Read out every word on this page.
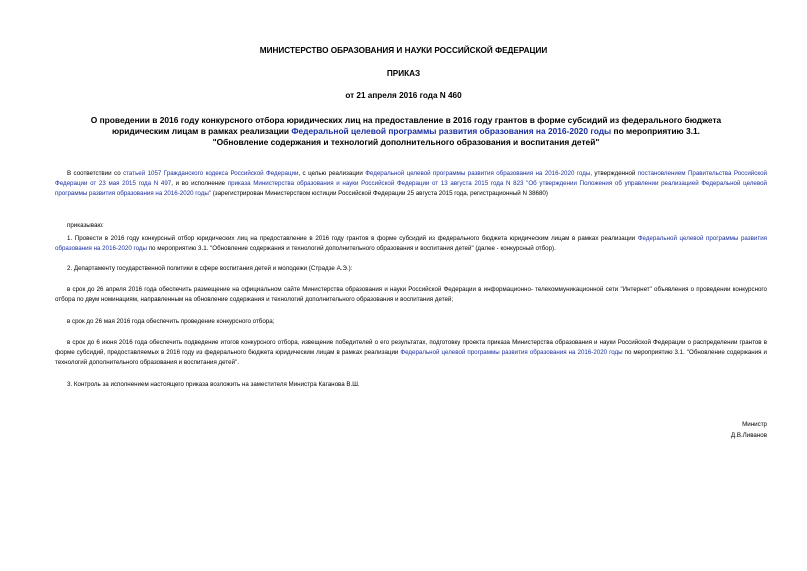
МИНИСТЕРСТВО ОБРАЗОВАНИЯ И НАУКИ РОССИЙСКОЙ ФЕДЕРАЦИИ
ПРИКАЗ
от 21 апреля 2016 года N 460
О проведении в 2016 году конкурсного отбора юридических лиц на предоставление в 2016 году грантов в форме субсидий из федерального бюджета юридическим лицам в рамках реализации Федеральной целевой программы развития образования на 2016-2020 годы по мероприятию 3.1. "Обновление содержания и технологий дополнительного образования и воспитания детей"
В соответствии со статьей 1057 Гражданского кодекса Российской Федерации, с целью реализации Федеральной целевой программы развития образования на 2016-2020 годы, утвержденной постановлением Правительства Российской Федерации от 23 мая 2015 года N 497, и во исполнение приказа Министерства образования и науки Российской Федерации от 13 августа 2015 года N 823 "Об утверждении Положения об управлении реализацией Федеральной целевой программы развития образования на 2016-2020 годы" (зарегистрирован Министерством юстиции Российской Федерации 25 августа 2015 года, регистрационный N 38680)
приказываю:
1. Провести в 2016 году конкурсный отбор юридических лиц на предоставление в 2016 году грантов в форме субсидий из федерального бюджета юридическим лицам в рамках реализации Федеральной целевой программы развития образования на 2016-2020 годы по мероприятию 3.1. "Обновление содержания и технологий дополнительного образования и воспитания детей" (далее - конкурсный отбор).
2. Департаменту государственной политики в сфере воспитания детей и молодежи (Страдзе А.Э.):
в срок до 26 апреля 2016 года обеспечить размещение на официальном сайте Министерства образования и науки Российской Федерации в информационно- телекоммуникационной сети "Интернет" объявления о проведении конкурсного отбора по двум номинациям, направленным на обновление содержания и технологий дополнительного образования и воспитания детей;
в срок до 26 мая 2016 года обеспечить проведение конкурсного отбора;
в срок до 6 июня 2016 года обеспечить подведение итогов конкурсного отбора, извещение победителей о его результатах, подготовку проекта приказа Министерства образования и науки Российской Федерации о распределении грантов в форме субсидий, предоставляемых в 2016 году из федерального бюджета юридическим лицам в рамках реализации Федеральной целевой программы развития образования на 2016-2020 годы по мероприятию 3.1. "Обновление содержания и технологий дополнительного образования и воспитания детей".
3. Контроль за исполнением настоящего приказа возложить на заместителя Министра Каганова В.Ш.
Министр
Д.В.Ливанов
